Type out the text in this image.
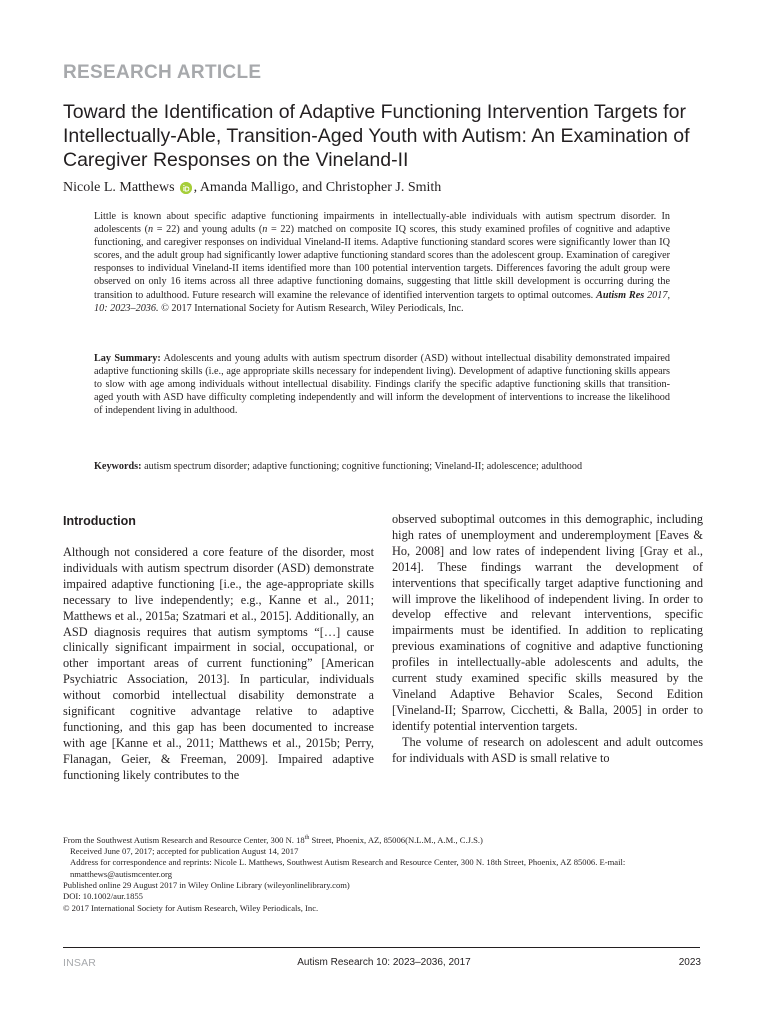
RESEARCH ARTICLE
Toward the Identification of Adaptive Functioning Intervention Targets for Intellectually-Able, Transition-Aged Youth with Autism: An Examination of Caregiver Responses on the Vineland-II
Nicole L. Matthews , Amanda Malligo, and Christopher J. Smith

Little is known about specific adaptive functioning impairments in intellectually-able individuals with autism spectrum disorder. In adolescents (n = 22) and young adults (n = 22) matched on composite IQ scores, this study examined profiles of cognitive and adaptive functioning, and caregiver responses on individual Vineland-II items. Adaptive functioning standard scores were significantly lower than IQ scores, and the adult group had significantly lower adaptive functioning standard scores than the adolescent group. Examination of caregiver responses to individual Vineland-II items identified more than 100 potential intervention targets. Differences favoring the adult group were observed on only 16 items across all three adaptive functioning domains, suggesting that little skill development is occurring during the transition to adulthood. Future research will examine the relevance of identified intervention targets to optimal outcomes. Autism Res 2017, 10: 2023–2036. © 2017 International Society for Autism Research, Wiley Periodicals, Inc.

Lay Summary: Adolescents and young adults with autism spectrum disorder (ASD) without intellectual disability demonstrated impaired adaptive functioning skills (i.e., age appropriate skills necessary for independent living). Development of adaptive functioning skills appears to slow with age among individuals without intellectual disability. Findings clarify the specific adaptive functioning skills that transition-aged youth with ASD have difficulty completing independently and will inform the development of interventions to increase the likelihood of independent living in adulthood.

Keywords: autism spectrum disorder; adaptive functioning; cognitive functioning; Vineland-II; adolescence; adulthood

Introduction

Although not considered a core feature of the disorder, most individuals with autism spectrum disorder (ASD) demonstrate impaired adaptive functioning [i.e., the age-appropriate skills necessary to live independently; e.g., Kanne et al., 2011; Matthews et al., 2015a; Szatmari et al., 2015]. Additionally, an ASD diagnosis requires that autism symptoms “[…] cause clinically significant impairment in social, occupational, or other important areas of current functioning” [American Psychiatric Association, 2013]. In particular, individuals without comorbid intellectual disability demonstrate a significant cognitive advantage relative to adaptive functioning, and this gap has been documented to increase with age [Kanne et al., 2011; Matthews et al., 2015b; Perry, Flanagan, Geier, & Freeman, 2009]. Impaired adaptive functioning likely contributes to the

observed suboptimal outcomes in this demographic, including high rates of unemployment and underemployment [Eaves & Ho, 2008] and low rates of independent living [Gray et al., 2014]. These findings warrant the development of interventions that specifically target adaptive functioning and will improve the likelihood of independent living. In order to develop effective and relevant interventions, specific impairments must be identified. In addition to replicating previous examinations of cognitive and adaptive functioning profiles in intellectually-able adolescents and adults, the current study examined specific skills measured by the Vineland Adaptive Behavior Scales, Second Edition [Vineland-II; Sparrow, Cicchetti, & Balla, 2005] in order to identify potential intervention targets.

The volume of research on adolescent and adult outcomes for individuals with ASD is small relative to

From the Southwest Autism Research and Resource Center, 300 N. 18th Street, Phoenix, AZ, 85006(N.L.M., A.M., C.J.S.)

Received June 07, 2017; accepted for publication August 14, 2017

Address for correspondence and reprints: Nicole L. Matthews, Southwest Autism Research and Resource Center, 300 N. 18th Street, Phoenix, AZ 85006. E-mail: nmatthews@autismcenter.org

Published online 29 August 2017 in Wiley Online Library (wileyonlinelibrary.com)

DOI: 10.1002/aur.1855

© 2017 International Society for Autism Research, Wiley Periodicals, Inc.

INSAR	Autism Research 10: 2023–2036, 2017	2023
